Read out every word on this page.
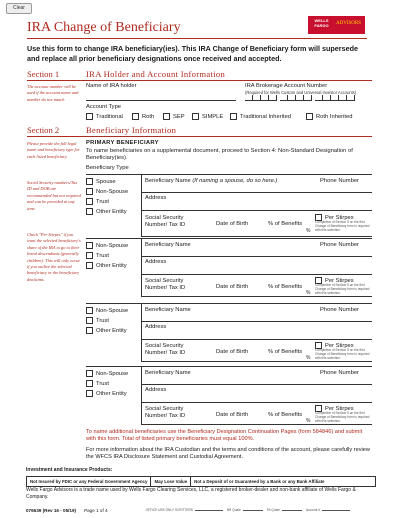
Clear
IRA Change of Beneficiary	WELLS FARGO	ADVISORS
Use this form to change IRA beneficiary(ies). This IRA Change of Beneficiary form will supersede and replace all prior beneficiary designations once received and accepted.
Section 1	IRA Holder and Account Information
The account number will be used if the account name and number do not match
Name of IRA holder	IRA Brokerage Account Number
(Required for Wells Custom and Universal Investor Accounts)
Account Type
Traditional	Roth	SEP	SIMPLE	Traditional Inherited	Roth Inherited
Section 2	Beneficiary Information
Please provide the full legal name and beneficiary type for each listed beneficiary.
Social Security numbers/Tax ID and DOB are recommended but not required and can be provided at any time.
Check "Per Stirpes" if you want the selected beneficiary's share of the IRA to go to their lineal descendants (generally children). This will only occur if you outlive the selected beneficiary or the beneficiary disclaims.
PRIMARY BENEFICIARY
To name beneficiaries on a supplemental document, proceed to Section 4: Non-Standard Designation of Beneficiary(ies).
Beneficiary Type
Spouse
Non-Spouse
Trust
Other Entity
Beneficiary Name (If naming a spouse, do so here.)	Phone Number
Address
Social Security Number/ Tax ID	Date of Birth	% of Benefits
%
Per Stirpes
Completion of Section 5 on the first Change of Beneficiary form is required with this selection.
Non-Spouse
Trust
Other Entity
Beneficiary Name	Phone Number
Address
Social Security Number/ Tax ID	Date of Birth	% of Benefits
%
Per Stirpes
Completion of Section 5 on the first Change of Beneficiary form is required with this selection.
Non-Spouse
Trust
Other Entity
Beneficiary Name	Phone Number
Address
Social Security Number/ Tax ID	Date of Birth	% of Benefits
%
Per Stirpes
Completion of Section 5 on the first Change of Beneficiary form is required with this selection.
Non-Spouse
Trust
Other Entity
Beneficiary Name	Phone Number
Address
Social Security Number/ Tax ID	Date of Birth	% of Benefits
%
Per Stirpes
Completion of Section 5 on the first Change of Beneficiary form is required with this selection.
To name additional beneficiaries use the Beneficiary Designation Continuation Pages (form 584846) and submit with this form. Total of listed primary beneficiaries must equal 100%.
For more information about the IRA Custodian and the terms and conditions of the account, please carefully review the WFCS IRA Disclosure Statement and Custodial Agreement.
Investment and Insurance Products:
Not Insured by FDIC or any Federal Government Agency	May Lose Value	Not a Deposit of or Guaranteed by a Bank or any Bank Affiliate
Wells Fargo Advisors is a trade name used by Wells Fargo Clearing Services, LLC, a registered broker-dealer and non-bank affiliate of Wells Fargo & Company.
076639 (Rev 16 - 05/19) Page 1 of 4	OFFICE USE ONLY SCRITTERS	BR Quale	FA Quale	Account #
